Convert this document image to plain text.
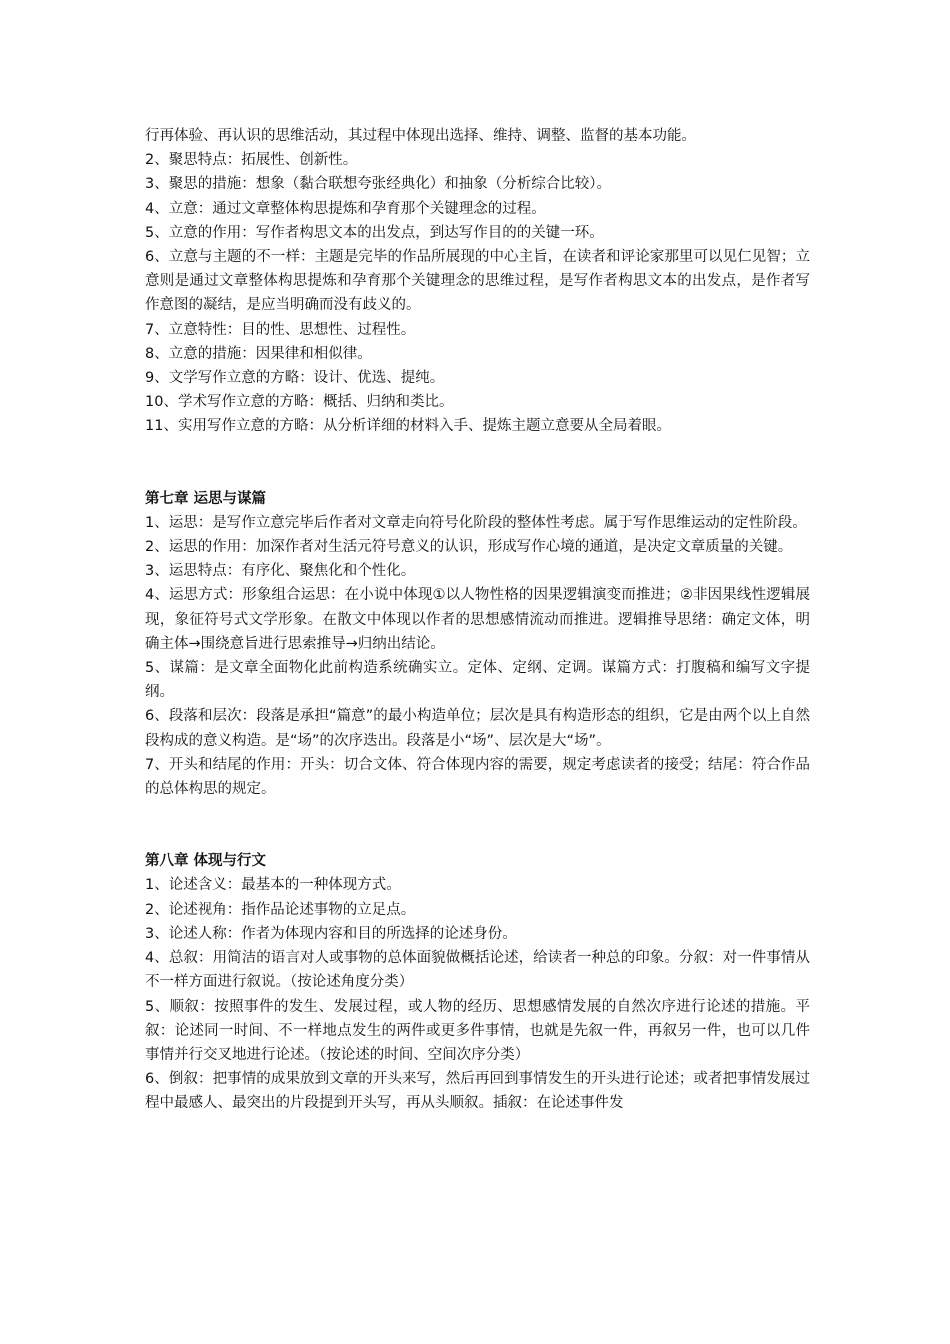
行再体验、再认识的思维活动，其过程中体现出选择、维持、调整、监督的基本功能。

2、聚思特点：拓展性、创新性。

3、聚思的措施：想象（黏合联想夸张经典化）和抽象（分析综合比较）。

4、立意：通过文章整体构思提炼和孕育那个关键理念的过程。

5、立意的作用：写作者构思文本的出发点，到达写作目的的关键一环。

6、立意与主题的不一样：主题是完毕的作品所展现的中心主旨，在读者和评论家那里可以见仁见智；立意则是通过文章整体构思提炼和孕育那个关键理念的思维过程，是写作者构思文本的出发点，是作者写作意图的凝结，是应当明确而没有歧义的。

7、立意特性：目的性、思想性、过程性。

8、立意的措施：因果律和相似律。

9、文学写作立意的方略：设计、优选、提纯。

10、学术写作立意的方略：概括、归纳和类比。

11、实用写作立意的方略：从分析详细的材料入手、提炼主题立意要从全局着眼。

第七章 运思与谋篇

1、运思：是写作立意完毕后作者对文章走向符号化阶段的整体性考虑。属于写作思维运动的定性阶段。

2、运思的作用：加深作者对生活元符号意义的认识，形成写作心境的通道，是决定文章质量的关键。

3、运思特点：有序化、聚焦化和个性化。

4、运思方式：形象组合运思：在小说中体现①以人物性格的因果逻辑演变而推进；②非因果线性逻辑展现，象征符号式文学形象。在散文中体现以作者的思想感情流动而推进。逻辑推导思绪：确定文体，明确主体→围绕意旨进行思索推导→归纳出结论。

5、谋篇：是文章全面物化此前构造系统确实立。定体、定纲、定调。谋篇方式：打腹稿和编写文字提纲。

6、段落和层次：段落是承担“篇意”的最小构造单位；层次是具有构造形态的组织，它是由两个以上自然段构成的意义构造。是“场”的次序迭出。段落是小“场”、层次是大“场”。

7、开头和结尾的作用：开头：切合文体、符合体现内容的需要，规定考虑读者的接受；结尾：符合作品的总体构思的规定。

第八章 体现与行文

1、论述含义：最基本的一种体现方式。

2、论述视角：指作品论述事物的立足点。

3、论述人称：作者为体现内容和目的所选择的论述身份。

4、总叙：用简洁的语言对人或事物的总体面貌做概括论述，给读者一种总的印象。分叙：对一件事情从不一样方面进行叙说。（按论述角度分类）

5、顺叙：按照事件的发生、发展过程，或人物的经历、思想感情发展的自然次序进行论述的措施。平叙：论述同一时间、不一样地点发生的两件或更多件事情，也就是先叙一件，再叙另一件，也可以几件事情并行交叉地进行论述。（按论述的时间、空间次序分类）

6、倒叙：把事情的成果放到文章的开头来写，然后再回到事情发生的开头进行论述；或者把事情发展过程中最感人、最突出的片段提到开头写，再从头顺叙。插叙：在论述事件发
